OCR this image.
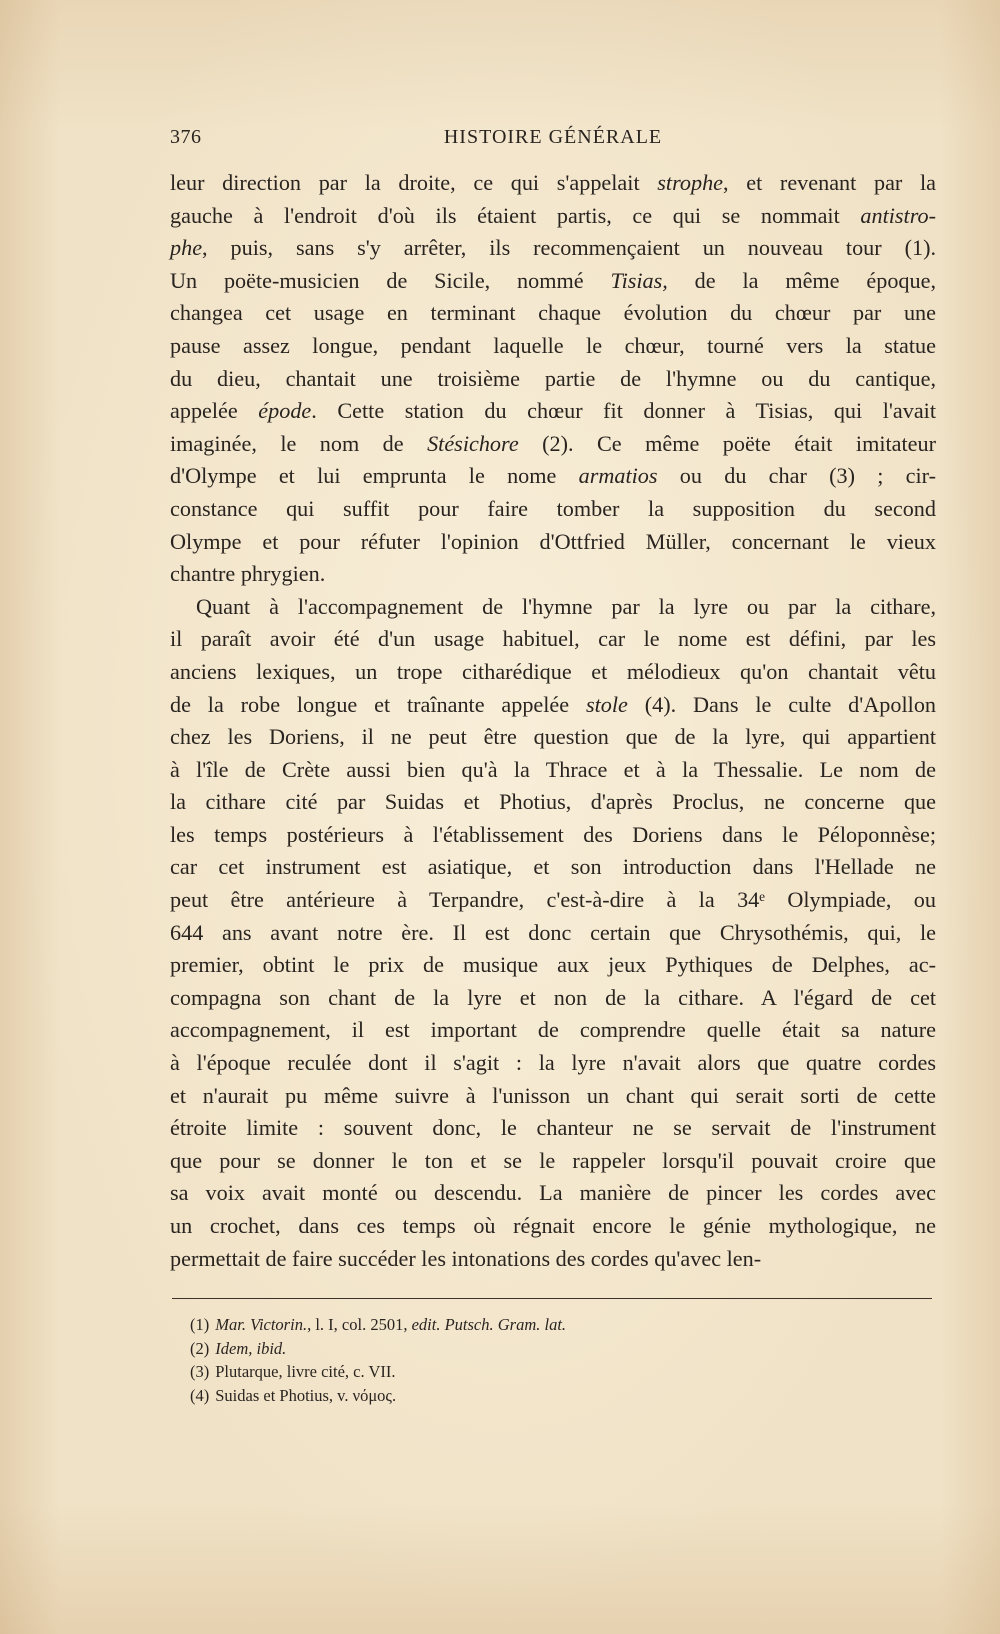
376	HISTOIRE GÉNÉRALE
leur direction par la droite, ce qui s'appelait strophe, et revenant par la
gauche à l'endroit d'où ils étaient partis, ce qui se nommait antistro-
phe, puis, sans s'y arrêter, ils recommençaient un nouveau tour (1).
Un poëte-musicien de Sicile, nommé Tisias, de la même époque,
changea cet usage en terminant chaque évolution du chœur par une
pause assez longue, pendant laquelle le chœur, tourné vers la statue
du dieu, chantait une troisième partie de l'hymne ou du cantique,
appelée épode. Cette station du chœur fit donner à Tisias, qui l'avait
imaginée, le nom de Stésichore (2). Ce même poëte était imitateur
d'Olympe et lui emprunta le nome armatios ou du char (3) ; cir-
constance qui suffit pour faire tomber la supposition du second
Olympe et pour réfuter l'opinion d'Ottfried Müller, concernant le vieux
chantre phrygien.
Quant à l'accompagnement de l'hymne par la lyre ou par la cithare,
il paraît avoir été d'un usage habituel, car le nome est défini, par les
anciens lexiques, un trope citharédique et mélodieux qu'on chantait vêtu
de la robe longue et traînante appelée stole (4). Dans le culte d'Apollon
chez les Doriens, il ne peut être question que de la lyre, qui appartient
à l'île de Crète aussi bien qu'à la Thrace et à la Thessalie. Le nom de
la cithare cité par Suidas et Photius, d'après Proclus, ne concerne que
les temps postérieurs à l'établissement des Doriens dans le Péloponnèse;
car cet instrument est asiatique, et son introduction dans l'Hellade ne
peut être antérieure à Terpandre, c'est-à-dire à la 34ᵉ Olympiade, ou
644 ans avant notre ère. Il est donc certain que Chrysothémis, qui, le
premier, obtint le prix de musique aux jeux Pythiques de Delphes, ac-
compagna son chant de la lyre et non de la cithare. A l'égard de cet
accompagnement, il est important de comprendre quelle était sa nature
à l'époque reculée dont il s'agit : la lyre n'avait alors que quatre cordes
et n'aurait pu même suivre à l'unisson un chant qui serait sorti de cette
étroite limite : souvent donc, le chanteur ne se servait de l'instrument
que pour se donner le ton et se le rappeler lorsqu'il pouvait croire que
sa voix avait monté ou descendu. La manière de pincer les cordes avec
un crochet, dans ces temps où régnait encore le génie mythologique, ne
permettait de faire succéder les intonations des cordes qu'avec len-
(1) Mar. Victorin., l. I, col. 2501, edit. Putsch. Gram. lat.
(2) Idem, ibid.
(3) Plutarque, livre cité, c. VII.
(4) Suidas et Photius, v. νόμος.
